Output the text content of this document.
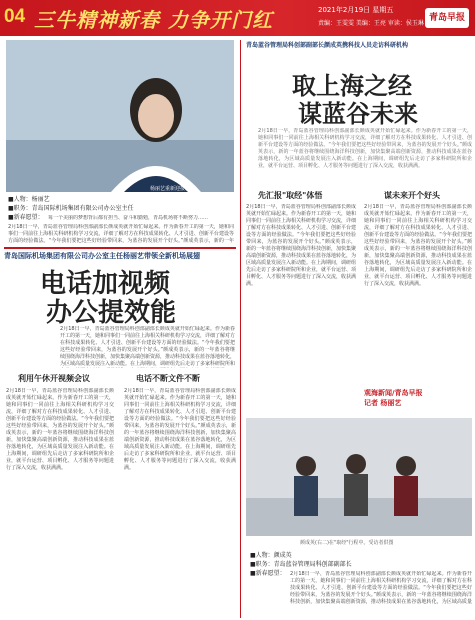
04 三牛精神新春 力争开门红	2021年2月19日 星期五
责编：王雯雯 美编：王亮 审读：侯玉琳
青岛早报
杨丽艺重新迎接新年
■人物：杨丽艺
■职务：青岛国际机场集团有限公司办公室主任
■新春愿望： 每一个美丽的梦想背后都有担当、奋斗和勤勉，青岛机场将不断努力……
2月18日一早，青岛蓝谷管理局科创部副部长颜成英就开始忙碌起来。作为新春开工的第一天，她和同事们一同前往上海相关科研机构学习交流，详细了解对方在科技成果转化、人才引进、创新平台建设等方面的经验做法。“今年我们要把这些好经验带回来，为蓝谷的发展开个好头。”颜成英表示，新的一年
青岛国际机场集团有限公司办公室主任杨丽艺带领全新机场展翅
电话加视频
办公提效能
2月18日一早，青岛蓝谷管理局科创部副部长颜成英就开始忙碌起来。作为新春开工的第一天，她和同事们一同前往上海相关科研机构学习交流，详细了解对方在科技成果转化、人才引进、创新平台建设等方面的经验做法。“今年我们要把这些好经验带回来，为蓝谷的发展开个好头。”颜成英表示，新的一年蓝谷将继续围绕海洋科技创新，加快集聚高端创新资源，推动科技成果在蓝谷落地转化，为区域高质量发展注入新动能。在上海期间，调研组先后走访了多家科研院所和
利用午休开视频会议	电话不断文件不断
2月18日一早，青岛蓝谷管理局科创部副部长颜成英就开始忙碌起来。作为新春开工的第一天，她和同事们一同前往上海相关科研机构学习交流，详细了解对方在科技成果转化、人才引进、创新平台建设等方面的经验做法。“今年我们要把这些好经验带回来，为蓝谷的发展开个好头。”颜成英表示，新的一年蓝谷将继续围绕海洋科技创新，加快集聚高端创新资源，推动科技成果在蓝谷落地转化，为区域高质量发展注入新动能。在上海期间，调研组先后走访了多家科研院所和企业，就平台运营、项目孵化、人才服务等问题进行了深入交流，收获满满。
2月18日一早，青岛蓝谷管理局科创部副部长颜成英就开始忙碌起来。作为新春开工的第一天，她和同事们一同前往上海相关科研机构学习交流，详细了解对方在科技成果转化、人才引进、创新平台建设等方面的经验做法。“今年我们要把这些好经验带回来，为蓝谷的发展开个好头。”颜成英表示，新的一年蓝谷将继续围绕海洋科技创新，加快集聚高端创新资源，推动科技成果在蓝谷落地转化，为区域高质量发展注入新动能。在上海期间，调研组先后走访了多家科研院所和企业，就平台运营、项目孵化、人才服务等问题进行了深入交流，收获满满。
青岛蓝谷管理局科创部副部长颜成英携科技人员走访科研机构
取上海之经
谋蓝谷未来
2月18日一早，青岛蓝谷管理局科创部副部长颜成英就开始忙碌起来。作为新春开工的第一天，她和同事们一同前往上海相关科研机构学习交流，详细了解对方在科技成果转化、人才引进、创新平台建设等方面的经验做法。“今年我们要把这些好经验带回来，为蓝谷的发展开个好头。”颜成英表示，新的一年蓝谷将继续围绕海洋科技创新，加快集聚高端创新资源，推动科技成果在蓝谷落地转化，为区域高质量发展注入新动能。在上海期间，调研组先后走访了多家科研院所和企业，就平台运营、项目孵化、人才服务等问题进行了深入交流，收获满满。
先汇报"取经"体悟	谋未来开个好头
2月18日一早，青岛蓝谷管理局科创部副部长颜成英就开始忙碌起来。作为新春开工的第一天，她和同事们一同前往上海相关科研机构学习交流，详细了解对方在科技成果转化、人才引进、创新平台建设等方面的经验做法。“今年我们要把这些好经验带回来，为蓝谷的发展开个好头。”颜成英表示，新的一年蓝谷将继续围绕海洋科技创新，加快集聚高端创新资源，推动科技成果在蓝谷落地转化，为区域高质量发展注入新动能。在上海期间，调研组先后走访了多家科研院所和企业，就平台运营、项目孵化、人才服务等问题进行了深入交流，收获满满。
2月18日一早，青岛蓝谷管理局科创部副部长颜成英就开始忙碌起来。作为新春开工的第一天，她和同事们一同前往上海相关科研机构学习交流，详细了解对方在科技成果转化、人才引进、创新平台建设等方面的经验做法。“今年我们要把这些好经验带回来，为蓝谷的发展开个好头。”颜成英表示，新的一年蓝谷将继续围绕海洋科技创新，加快集聚高端创新资源，推动科技成果在蓝谷落地转化，为区域高质量发展注入新动能。在上海期间，调研组先后走访了多家科研院所和企业，就平台运营、项目孵化、人才服务等问题进行了深入交流，收获满满。
观海新闻/青岛早报
记者 杨丽艺
颜成英(右二)在"取经"行程中。受访者供图
■人物：颜成英
■职务：青岛蓝谷管理局科创部副部长
■新春愿望： 2月18日一早，青岛蓝谷管理局科创部副部长颜成英就开始忙碌起来。作为新春开工的第一天，她和同事们一同前往上海相关科研机构学习交流，详细了解对方在科技成果转化、人才引进、创新平台建设等方面的经验做法。“今年我们要把这些好经验带回来，为蓝谷的发展开个好头。”颜成英表示，新的一年蓝谷将继续围绕海洋科技创新，加快集聚高端创新资源，推动科技成果在蓝谷落地转化，为区域高质量
